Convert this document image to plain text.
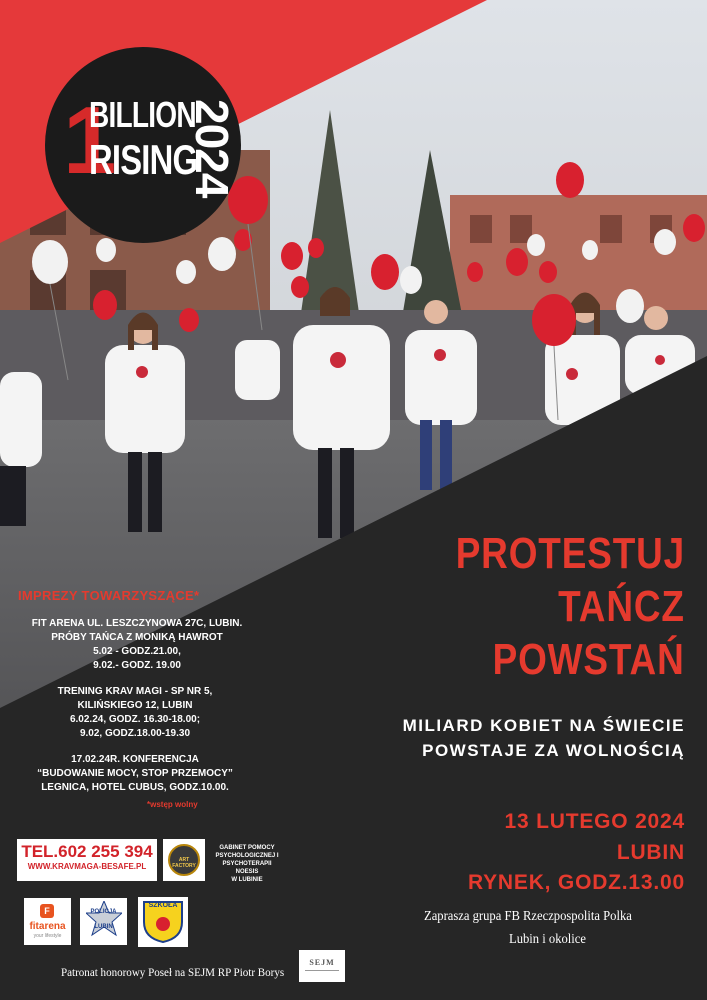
1
BILLION
RISING
2024
IMPREZY TOWARZYSZĄCE*
FIT ARENA UL. LESZCZYNOWA 27C, LUBIN.
PRÓBY TAŃCA Z MONIKĄ HAWROT
5.02 - GODZ.21.00,
9.02.- GODZ. 19.00
TRENING KRAV MAGI - SP NR 5,
KILIŃSKIEGO 12, LUBIN
6.02.24, GODZ. 16.30-18.00;
9.02, GODZ.18.00-19.30
17.02.24R. KONFERENCJA
“BUDOWANIE MOCY, STOP PRZEMOCY”
LEGNICA, HOTEL CUBUS, GODZ.10.00.
*wstęp wolny
PROTESTUJ
TAŃCZ
POWSTAŃ
MILIARD KOBIET NA ŚWIECIE
POWSTAJE ZA WOLNOŚCIĄ
13 LUTEGO 2024
LUBIN
RYNEK, GODZ.13.00
Zaprasza grupa FB Rzeczpospolita Polka
Lubin i okolice
TEL.602 255 394
WWW.KRAVMAGA-BESAFE.PL
ART FACTORY
GABINET POMOCY
PSYCHOLOGICZNEJ I
PSYCHOTERAPII NOESIS
W LUBINIE
F
fitarena
your lifestyle
POLICJA
LUBIN
SZKOŁA
Patronat honorowy Poseł na SEJM RP Piotr Borys
SEJM
